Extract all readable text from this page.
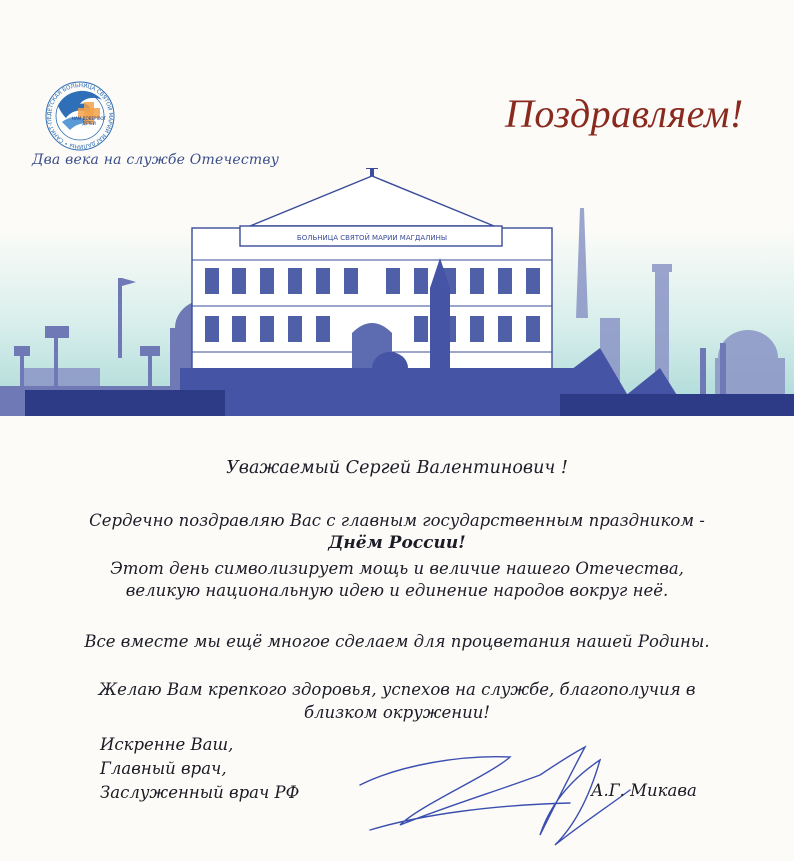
НАМ ДОВЕРЯЮТ
ДЕТЕЙ
ДЕТСКАЯ БОЛЬНИЦА СВЯТОЙ МАРИИ МАГДАЛИНЫ • САНКТ-ПЕ
Два века на службе Отечеству
Поздравляем!
БОЛЬНИЦА СВЯТОЙ МАРИИ МАГДАЛИНЫ
Уважаемый Сергей Валентинович !
Сердечно поздравляю Вас с главным государственным праздником -
Днём России!
Этот день символизирует мощь и величие нашего Отечества,
великую национальную идею и единение народов вокруг неё.
Все вместе мы ещё многое сделаем для процветания нашей Родины.
Желаю Вам крепкого здоровья, успехов на службе, благополучия в
близком окружении!
Искренне Ваш,
Главный врач,
Заслуженный врач РФ	А.Г. Микава
